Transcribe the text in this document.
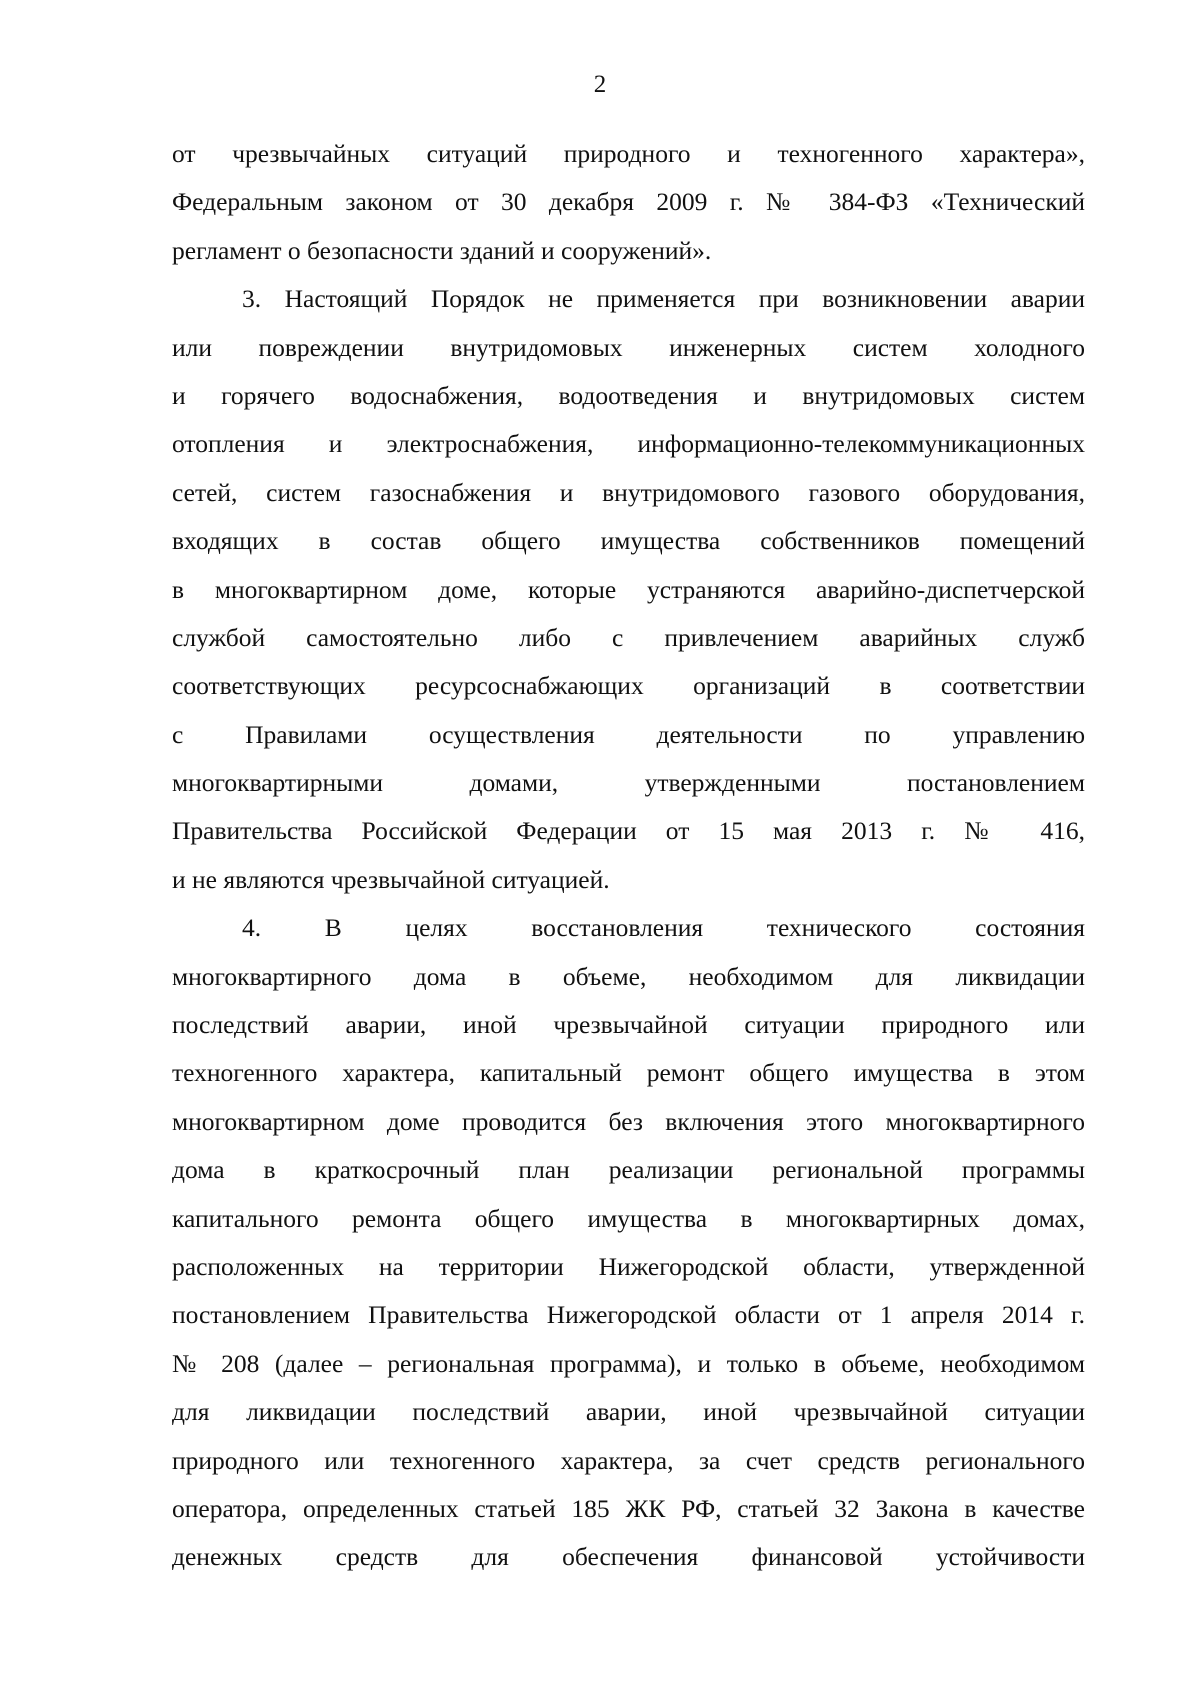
2
от чрезвычайных ситуаций природного и техногенного характера»,
Федеральным законом от 30 декабря 2009 г. № 384-ФЗ «Технический
регламент о безопасности зданий и сооружений».
3. Настоящий Порядок не применяется при возникновении аварии
или повреждении внутридомовых инженерных систем холодного
и горячего водоснабжения, водоотведения и внутридомовых систем
отопления и электроснабжения, информационно-телекоммуникационных
сетей, систем газоснабжения и внутридомового газового оборудования,
входящих в состав общего имущества собственников помещений
в многоквартирном доме, которые устраняются аварийно-диспетчерской
службой самостоятельно либо с привлечением аварийных служб
соответствующих ресурсоснабжающих организаций в соответствии
с Правилами осуществления деятельности по управлению
многоквартирными домами, утвержденными постановлением
Правительства Российской Федерации от 15 мая 2013 г. № 416,
и не являются чрезвычайной ситуацией.
4. В целях восстановления технического состояния
многоквартирного дома в объеме, необходимом для ликвидации
последствий аварии, иной чрезвычайной ситуации природного или
техногенного характера, капитальный ремонт общего имущества в этом
многоквартирном доме проводится без включения этого многоквартирного
дома в краткосрочный план реализации региональной программы
капитального ремонта общего имущества в многоквартирных домах,
расположенных на территории Нижегородской области, утвержденной
постановлением Правительства Нижегородской области от 1 апреля 2014 г.
№ 208 (далее – региональная программа), и только в объеме, необходимом
для ликвидации последствий аварии, иной чрезвычайной ситуации
природного или техногенного характера, за счет средств регионального
оператора, определенных статьей 185 ЖК РФ, статьей 32 Закона в качестве
денежных средств для обеспечения финансовой устойчивости
